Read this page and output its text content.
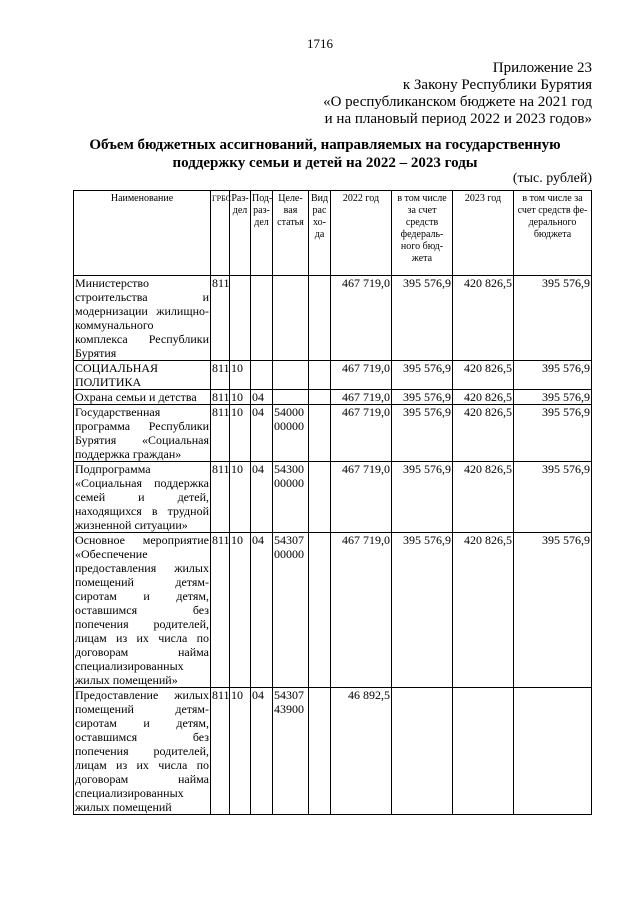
1716
Приложение 23
к Закону Республики Бурятия
«О республиканском бюджете на 2021 год
и на плановый период 2022 и 2023 годов»
Объем бюджетных ассигнований, направляемых на государственную
поддержку семьи и детей на 2022 – 2023 годы
(тыс. рублей)
Наименование	ГРБС	Раз-дел	Под-раз-дел	Целе-вая статья	Вид рас хо-да	2022 год	в том числе за счет средств федераль-ного бюд-жета	2023 год	в том числе за счет средств фе-дерального бюджета
Министерство строительства и модернизации жилищно-коммунального комплекса Республики Бурятия	811					467 719,0	395 576,9	420 826,5	395 576,9
СОЦИАЛЬНАЯ ПОЛИТИКА	811	10				467 719,0	395 576,9	420 826,5	395 576,9
Охрана семьи и детства	811	10	04			467 719,0	395 576,9	420 826,5	395 576,9
Государственная программа Республики Бурятия «Социальная поддержка граждан»	811	10	04	54000 00000		467 719,0	395 576,9	420 826,5	395 576,9
Подпрограмма «Социальная поддержка семей и детей, находящихся в трудной жизненной ситуации»	811	10	04	54300 00000		467 719,0	395 576,9	420 826,5	395 576,9
Основное мероприятие «Обеспечение предоставления жилых помещений детям-сиротам и детям, оставшимся без попечения родителей, лицам из их числа по договорам найма специализированных жилых помещений»	811	10	04	54307 00000		467 719,0	395 576,9	420 826,5	395 576,9
Предоставление жилых помещений детям-сиротам и детям, оставшимся без попечения родителей, лицам из их числа по договорам найма специализированных жилых помещений	811	10	04	54307 43900		46 892,5			
